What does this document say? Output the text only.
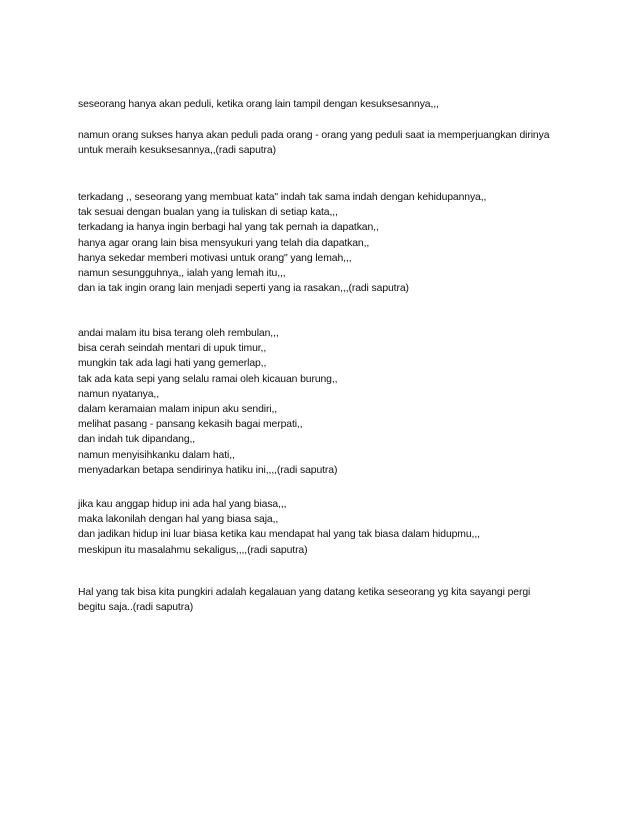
seseorang hanya akan peduli, ketika orang lain tampil dengan kesuksesannya,,,
namun orang sukses hanya akan peduli pada orang - orang yang peduli saat ia memperjuangkan dirinya
untuk meraih kesuksesannya,,(radi saputra)
terkadang ,, seseorang yang membuat kata" indah tak sama indah dengan kehidupannya,,
tak sesuai dengan bualan yang ia tuliskan di setiap kata,,,
terkadang ia hanya ingin berbagi hal yang tak pernah ia dapatkan,,
hanya agar orang lain bisa mensyukuri yang telah dia dapatkan,,
hanya sekedar memberi motivasi untuk orang" yang lemah,,,
namun sesungguhnya,, ialah yang lemah itu,,,
dan ia tak ingin orang lain menjadi seperti yang ia rasakan,,,(radi saputra)
andai malam itu bisa terang oleh rembulan,,,
bisa cerah seindah mentari di upuk timur,,
mungkin tak ada lagi hati yang gemerlap,,
tak ada kata sepi yang selalu ramai oleh kicauan burung,,
namun nyatanya,,
dalam keramaian malam inipun aku sendiri,,
melihat pasang - pansang kekasih bagai merpati,,
dan indah tuk dipandang,,
namun menyisihkanku dalam hati,,
menyadarkan betapa sendirinya hatiku ini,,,,(radi saputra)
jika kau anggap hidup ini ada hal yang biasa,,,
maka lakonilah dengan hal yang biasa saja,,
dan jadikan hidup ini luar biasa ketika kau mendapat hal yang tak biasa dalam hidupmu,,,
meskipun itu masalahmu sekaligus,,,,(radi saputra)
Hal yang tak bisa kita pungkiri adalah kegalauan yang datang ketika seseorang yg kita sayangi pergi
begitu saja..(radi saputra)
